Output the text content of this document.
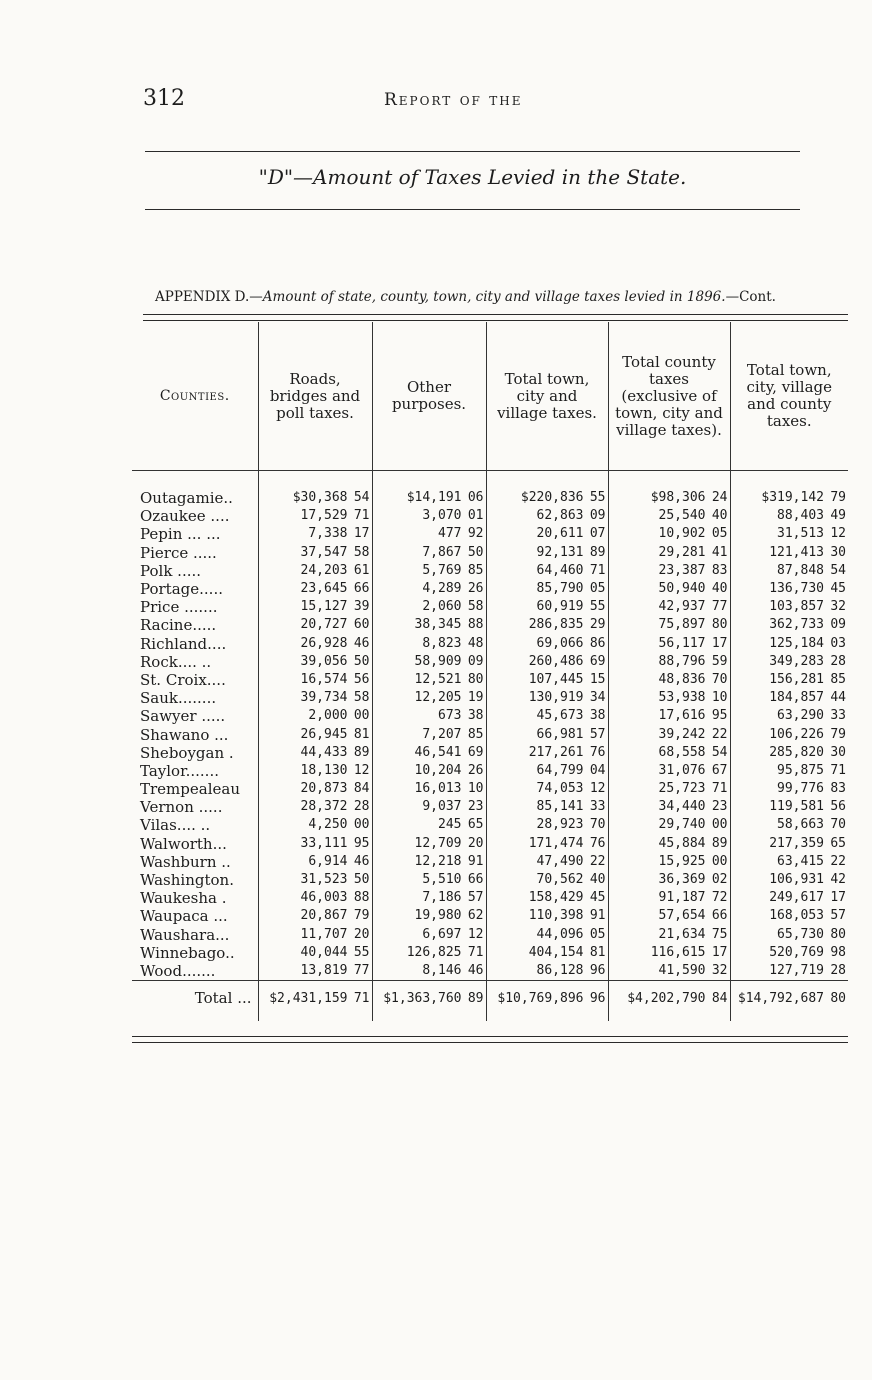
312	Report of the
"D"—Amount of Taxes Levied in the State.
APPENDIX D.—Amount of state, county, town, city and village taxes levied in 1896.—Cont.
Counties.	Roads, bridges and poll taxes.	Other purposes.	Total town, city and village taxes.	Total county taxes (exclusive of town, city and village taxes).	Total town, city, village and county taxes.
Outagamie..	$30,368 54	$14,191 06	$220,836 55	$98,306 24	$319,142 79
Ozaukee ....	17,529 71	3,070 01	62,863 09	25,540 40	88,403 49
Pepin ... ...	7,338 17	477 92	20,611 07	10,902 05	31,513 12
Pierce .....	37,547 58	7,867 50	92,131 89	29,281 41	121,413 30
Polk .....	24,203 61	5,769 85	64,460 71	23,387 83	87,848 54
Portage.....	23,645 66	4,289 26	85,790 05	50,940 40	136,730 45
Price .......	15,127 39	2,060 58	60,919 55	42,937 77	103,857 32
Racine.....	20,727 60	38,345 88	286,835 29	75,897 80	362,733 09
Richland....	26,928 46	8,823 48	69,066 86	56,117 17	125,184 03
Rock.... ..	39,056 50	58,909 09	260,486 69	88,796 59	349,283 28
St. Croix....	16,574 56	12,521 80	107,445 15	48,836 70	156,281 85
Sauk........	39,734 58	12,205 19	130,919 34	53,938 10	184,857 44
Sawyer .....	2,000 00	673 38	45,673 38	17,616 95	63,290 33
Shawano ...	26,945 81	7,207 85	66,981 57	39,242 22	106,226 79
Sheboygan .	44,433 89	46,541 69	217,261 76	68,558 54	285,820 30
Taylor.......	18,130 12	10,204 26	64,799 04	31,076 67	95,875 71
Trempealeau	20,873 84	16,013 10	74,053 12	25,723 71	99,776 83
Vernon .....	28,372 28	9,037 23	85,141 33	34,440 23	119,581 56
Vilas.... ..	4,250 00	245 65	28,923 70	29,740 00	58,663 70
Walworth...	33,111 95	12,709 20	171,474 76	45,884 89	217,359 65
Washburn ..	6,914 46	12,218 91	47,490 22	15,925 00	63,415 22
Washington.	31,523 50	5,510 66	70,562 40	36,369 02	106,931 42
Waukesha .	46,003 88	7,186 57	158,429 45	91,187 72	249,617 17
Waupaca ...	20,867 79	19,980 62	110,398 91	57,654 66	168,053 57
Waushara...	11,707 20	6,697 12	44,096 05	21,634 75	65,730 80
Winnebago..	40,044 55	126,825 71	404,154 81	116,615 17	520,769 98
Wood.......	13,819 77	8,146 46	86,128 96	41,590 32	127,719 28
Total ...	$2,431,159 71	$1,363,760 89	$10,769,896 96	$4,202,790 84	$14,792,687 80
